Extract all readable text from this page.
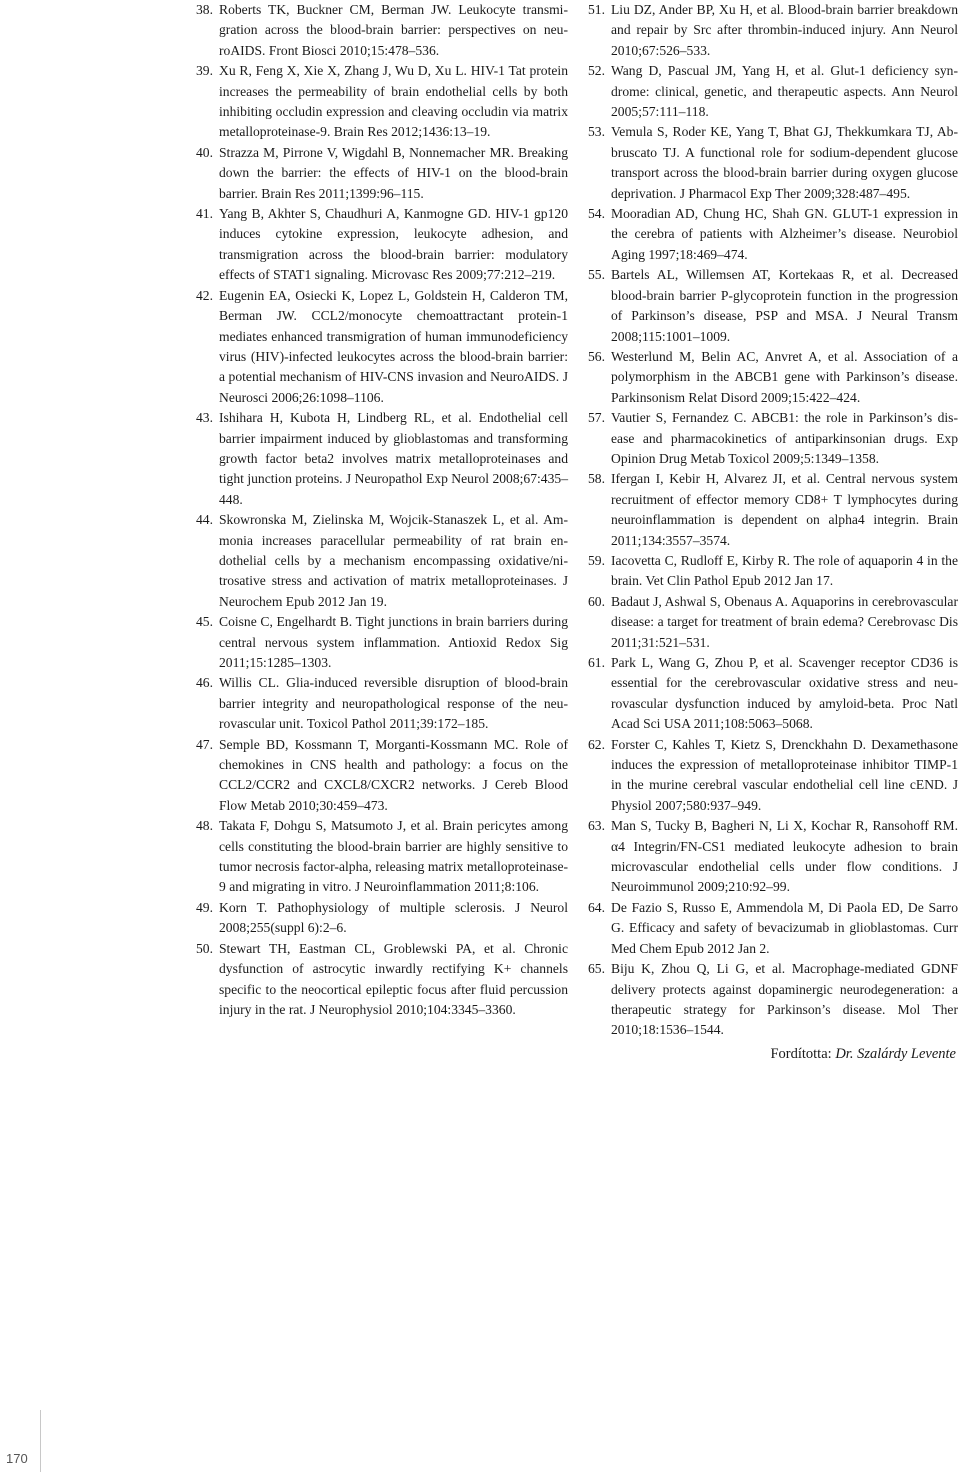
38. Roberts TK, Buckner CM, Berman JW. Leukocyte transmigration across the blood-brain barrier: perspectives on neuroAIDS. Front Biosci 2010;15:478–536.
39. Xu R, Feng X, Xie X, Zhang J, Wu D, Xu L. HIV-1 Tat protein increases the permeability of brain endothelial cells by both inhibiting occludin expression and cleaving occludin via matrix metalloproteinase-9. Brain Res 2012;1436:13–19.
40. Strazza M, Pirrone V, Wigdahl B, Nonnemacher MR. Breaking down the barrier: the effects of HIV-1 on the blood-brain barrier. Brain Res 2011;1399:96–115.
41. Yang B, Akhter S, Chaudhuri A, Kanmogne GD. HIV-1 gp120 induces cytokine expression, leukocyte adhesion, and transmigration across the blood-brain barrier: modulatory effects of STAT1 signaling. Microvasc Res 2009;77:212–219.
42. Eugenin EA, Osiecki K, Lopez L, Goldstein H, Calderon TM, Berman JW. CCL2/monocyte chemoattractant protein-1 mediates enhanced transmigration of human immunodeficiency virus (HIV)-infected leukocytes across the blood-brain barrier: a potential mechanism of HIV-CNS invasion and NeuroAIDS. J Neurosci 2006;26:1098–1106.
43. Ishihara H, Kubota H, Lindberg RL, et al. Endothelial cell barrier impairment induced by glioblastomas and transforming growth factor beta2 involves matrix metalloproteinases and tight junction proteins. J Neuropathol Exp Neurol 2008;67:435–448.
44. Skowronska M, Zielinska M, Wojcik-Stanaszek L, et al. Ammonia increases paracellular permeability of rat brain endothelial cells by a mechanism encompassing oxidative/nitrosative stress and activation of matrix metalloproteinases. J Neurochem Epub 2012 Jan 19.
45. Coisne C, Engelhardt B. Tight junctions in brain barriers during central nervous system inflammation. Antioxid Redox Sig 2011;15:1285–1303.
46. Willis CL. Glia-induced reversible disruption of blood-brain barrier integrity and neuropathological response of the neurovascular unit. Toxicol Pathol 2011;39:172–185.
47. Semple BD, Kossmann T, Morganti-Kossmann MC. Role of chemokines in CNS health and pathology: a focus on the CCL2/CCR2 and CXCL8/CXCR2 networks. J Cereb Blood Flow Metab 2010;30:459–473.
48. Takata F, Dohgu S, Matsumoto J, et al. Brain pericytes among cells constituting the blood-brain barrier are highly sensitive to tumor necrosis factor-alpha, releasing matrix metalloproteinase-9 and migrating in vitro. J Neuroinflammation 2011;8:106.
49. Korn T. Pathophysiology of multiple sclerosis. J Neurol 2008;255(suppl 6):2–6.
50. Stewart TH, Eastman CL, Groblewski PA, et al. Chronic dysfunction of astrocytic inwardly rectifying K+ channels specific to the neocortical epileptic focus after fluid percussion injury in the rat. J Neurophysiol 2010;104:3345–3360.
51. Liu DZ, Ander BP, Xu H, et al. Blood-brain barrier breakdown and repair by Src after thrombin-induced injury. Ann Neurol 2010;67:526–533.
52. Wang D, Pascual JM, Yang H, et al. Glut-1 deficiency syndrome: clinical, genetic, and therapeutic aspects. Ann Neurol 2005;57:111–118.
53. Vemula S, Roder KE, Yang T, Bhat GJ, Thekkumkara TJ, Abbruscato TJ. A functional role for sodium-dependent glucose transport across the blood-brain barrier during oxygen glucose deprivation. J Pharmacol Exp Ther 2009;328:487–495.
54. Mooradian AD, Chung HC, Shah GN. GLUT-1 expression in the cerebra of patients with Alzheimer’s disease. Neurobiol Aging 1997;18:469–474.
55. Bartels AL, Willemsen AT, Kortekaas R, et al. Decreased blood-brain barrier P-glycoprotein function in the progression of Parkinson’s disease, PSP and MSA. J Neural Transm 2008;115:1001–1009.
56. Westerlund M, Belin AC, Anvret A, et al. Association of a polymorphism in the ABCB1 gene with Parkinson’s disease. Parkinsonism Relat Disord 2009;15:422–424.
57. Vautier S, Fernandez C. ABCB1: the role in Parkinson’s disease and pharmacokinetics of antiparkinsonian drugs. Exp Opinion Drug Metab Toxicol 2009;5:1349–1358.
58. Ifergan I, Kebir H, Alvarez JI, et al. Central nervous system recruitment of effector memory CD8+ T lymphocytes during neuroinflammation is dependent on alpha4 integrin. Brain 2011;134:3557–3574.
59. Iacovetta C, Rudloff E, Kirby R. The role of aquaporin 4 in the brain. Vet Clin Pathol Epub 2012 Jan 17.
60. Badaut J, Ashwal S, Obenaus A. Aquaporins in cerebrovascular disease: a target for treatment of brain edema? Cerebrovasc Dis 2011;31:521–531.
61. Park L, Wang G, Zhou P, et al. Scavenger receptor CD36 is essential for the cerebrovascular oxidative stress and neurovascular dysfunction induced by amyloid-beta. Proc Natl Acad Sci USA 2011;108:5063–5068.
62. Forster C, Kahles T, Kietz S, Drenckhahn D. Dexamethasone induces the expression of metalloproteinase inhibitor TIMP-1 in the murine cerebral vascular endothelial cell line cEND. J Physiol 2007;580:937–949.
63. Man S, Tucky B, Bagheri N, Li X, Kochar R, Ransohoff RM. α4 Integrin/FN-CS1 mediated leukocyte adhesion to brain microvascular endothelial cells under flow conditions. J Neuroimmunol 2009;210:92–99.
64. De Fazio S, Russo E, Ammendola M, Di Paola ED, De Sarro G. Efficacy and safety of bevacizumab in glioblastomas. Curr Med Chem Epub 2012 Jan 2.
65. Biju K, Zhou Q, Li G, et al. Macrophage-mediated GDNF delivery protects against dopaminergic neurodegeneration: a therapeutic strategy for Parkinson’s disease. Mol Ther 2010;18:1536–1544.
Fordította: Dr. Szalárdy Levente
170
